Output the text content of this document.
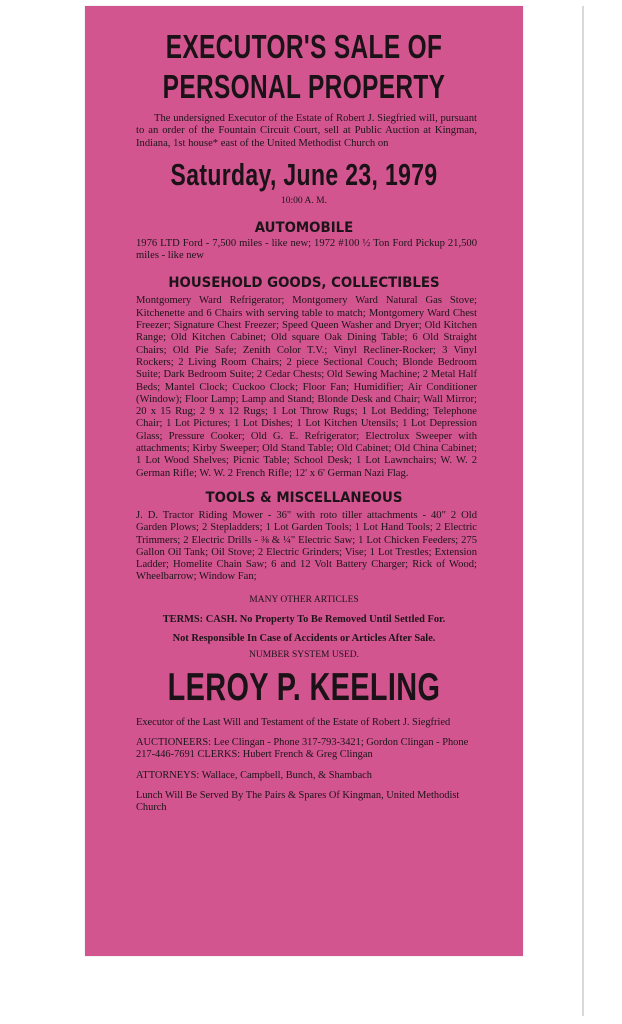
EXECUTOR'S SALE OF
PERSONAL PROPERTY
The undersigned Executor of the Estate of Robert J. Siegfried will, pursuant to an order of the Fountain Circuit Court, sell at Public Auction at Kingman, Indiana, 1st house* east of the United Methodist Church on
Saturday, June 23, 1979
10:00 A. M.
AUTOMOBILE
1976 LTD Ford - 7,500 miles - like new; 1972 #100 ½ Ton Ford Pickup 21,500 miles - like new
HOUSEHOLD GOODS, COLLECTIBLES
Montgomery Ward Refrigerator; Montgomery Ward Natural Gas Stove; Kitchenette and 6 Chairs with serving table to match; Montgomery Ward Chest Freezer; Signature Chest Freezer; Speed Queen Washer and Dryer; Old Kitchen Range; Old Kitchen Cabinet; Old square Oak Dining Table; 6 Old Straight Chairs; Old Pie Safe; Zenith Color T.V.; Vinyl Recliner-Rocker; 3 Vinyl Rockers; 2 Living Room Chairs; 2 piece Sectional Couch; Blonde Bedroom Suite; Dark Bedroom Suite; 2 Cedar Chests; Old Sewing Machine; 2 Metal Half Beds; Mantel Clock; Cuckoo Clock; Floor Fan; Humidifier; Air Conditioner (Window); Floor Lamp; Lamp and Stand; Blonde Desk and Chair; Wall Mirror; 20 x 15 Rug; 2 9 x 12 Rugs; 1 Lot Throw Rugs; 1 Lot Bedding; Telephone Chair; 1 Lot Pictures; 1 Lot Dishes; 1 Lot Kitchen Utensils; 1 Lot Depression Glass; Pressure Cooker; Old G. E. Refrigerator; Electrolux Sweeper with attachments; Kirby Sweeper; Old Stand Table; Old Cabinet; Old China Cabinet; 1 Lot Wood Shelves; Picnic Table; School Desk; 1 Lot Lawnchairs; W. W. 2 German Rifle; W. W. 2 French Rifle; 12' x 6' German Nazi Flag.
TOOLS & MISCELLANEOUS
J. D. Tractor Riding Mower - 36" with roto tiller attachments - 40" 2 Old Garden Plows; 2 Stepladders; 1 Lot Garden Tools; 1 Lot Hand Tools; 2 Electric Trimmers; 2 Electric Drills - ⅜ & ¼" Electric Saw; 1 Lot Chicken Feeders; 275 Gallon Oil Tank; Oil Stove; 2 Electric Grinders; Vise; 1 Lot Trestles; Extension Ladder; Homelite Chain Saw; 6 and 12 Volt Battery Charger; Rick of Wood; Wheelbarrow; Window Fan;
MANY OTHER ARTICLES
TERMS: CASH. No Property To Be Removed Until Settled For.
Not Responsible In Case of Accidents or Articles After Sale.
NUMBER SYSTEM USED.
LEROY P. KEELING
Executor of the Last Will and Testament of the Estate of Robert J. Siegfried
AUCTIONEERS: Lee Clingan - Phone 317-793-3421; Gordon Clingan - Phone 217-446-7691 CLERKS: Hubert French & Greg Clingan
ATTORNEYS: Wallace, Campbell, Bunch, & Shambach
Lunch Will Be Served By The Pairs & Spares Of Kingman, United Methodist Church
